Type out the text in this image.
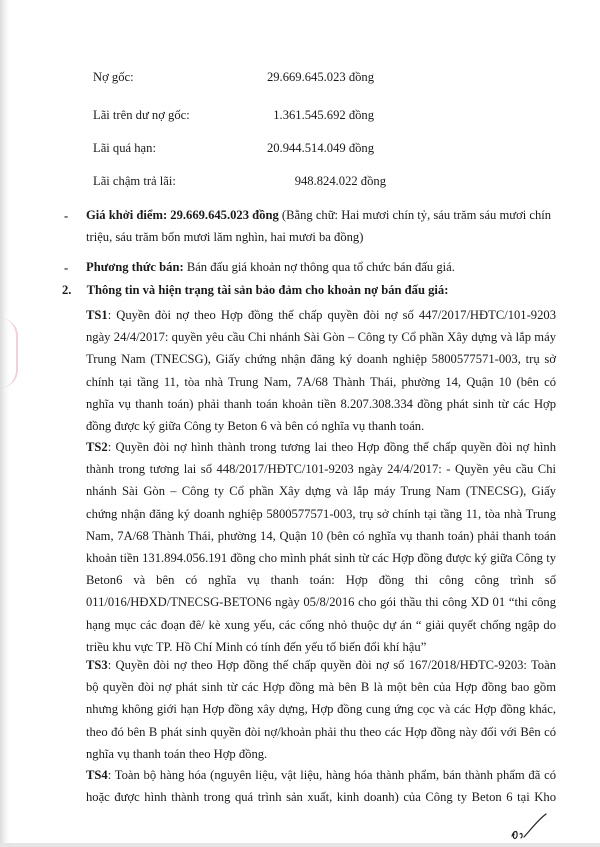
Nợ gốc:	29.669.645.023 đồng
Lãi trên dư nợ gốc:	1.361.545.692 đồng
Lãi quá hạn:	20.944.514.049 đồng
Lãi chậm trả lãi:	948.824.022 đồng
- Giá khởi điểm: 29.669.645.023 đồng (Bằng chữ: Hai mươi chín tỷ, sáu trăm sáu mươi chín
triệu, sáu trăm bốn mươi lăm nghìn, hai mươi ba đồng)
- Phương thức bán: Bán đấu giá khoản nợ thông qua tổ chức bán đấu giá.
2. Thông tin và hiện trạng tài sản bảo đảm cho khoản nợ bán đấu giá:
TS1: Quyền đòi nợ theo Hợp đồng thế chấp quyền đòi nợ số 447/2017/HĐTC/101-9203
ngày 24/4/2017: quyền yêu cầu Chi nhánh Sài Gòn – Công ty Cổ phần Xây dựng và lắp máy
Trung Nam (TNECSG), Giấy chứng nhận đăng ký doanh nghiệp 5800577571-003, trụ sở
chính tại tầng 11, tòa nhà Trung Nam, 7A/68 Thành Thái, phường 14, Quận 10 (bên có
nghĩa vụ thanh toán) phải thanh toán khoản tiền 8.207.308.334 đồng phát sinh từ các Hợp
đồng được ký giữa Công ty Beton 6 và bên có nghĩa vụ thanh toán.
TS2: Quyền đòi nợ hình thành trong tương lai theo Hợp đồng thế chấp quyền đòi nợ hình
thành trong tương lai số 448/2017/HĐTC/101-9203 ngày 24/4/2017: - Quyền yêu cầu Chi
nhánh Sài Gòn – Công ty Cổ phần Xây dựng và lắp máy Trung Nam (TNECSG), Giấy
chứng nhận đăng ký doanh nghiệp 5800577571-003, trụ sở chính tại tầng 11, tòa nhà Trung
Nam, 7A/68 Thành Thái, phường 14, Quận 10 (bên có nghĩa vụ thanh toán) phải thanh toán
khoản tiền 131.894.056.191 đồng cho mình phát sinh từ các Hợp đồng được ký giữa Công ty
Beton6 và bên có nghĩa vụ thanh toán: Hợp đồng thi công công trình số
011/016/HĐXD/TNECSG-BETON6 ngày 05/8/2016 cho gói thầu thi công XD 01 “thi công
hạng mục các đoạn đê/ kè xung yếu, các cống nhỏ thuộc dự án “ giải quyết chống ngập do
triều khu vực TP. Hồ Chí Minh có tính đến yếu tố biến đổi khí hậu”
TS3: Quyền đòi nợ theo Hợp đồng thế chấp quyền đòi nợ số 167/2018/HĐTC-9203: Toàn
bộ quyền đòi nợ phát sinh từ các Hợp đồng mà bên B là một bên của Hợp đồng bao gồm
nhưng không giới hạn Hợp đồng xây dựng, Hợp đồng cung ứng cọc và các Hợp đồng khác,
theo đó bên B phát sinh quyền đòi nợ/khoản phải thu theo các Hợp đồng này đối với Bên có
nghĩa vụ thanh toán theo Hợp đồng.
TS4: Toàn bộ hàng hóa (nguyên liệu, vật liệu, hàng hóa thành phẩm, bán thành phẩm đã có
hoặc được hình thành trong quá trình sản xuất, kinh doanh) của Công ty Beton 6 tại Kho
